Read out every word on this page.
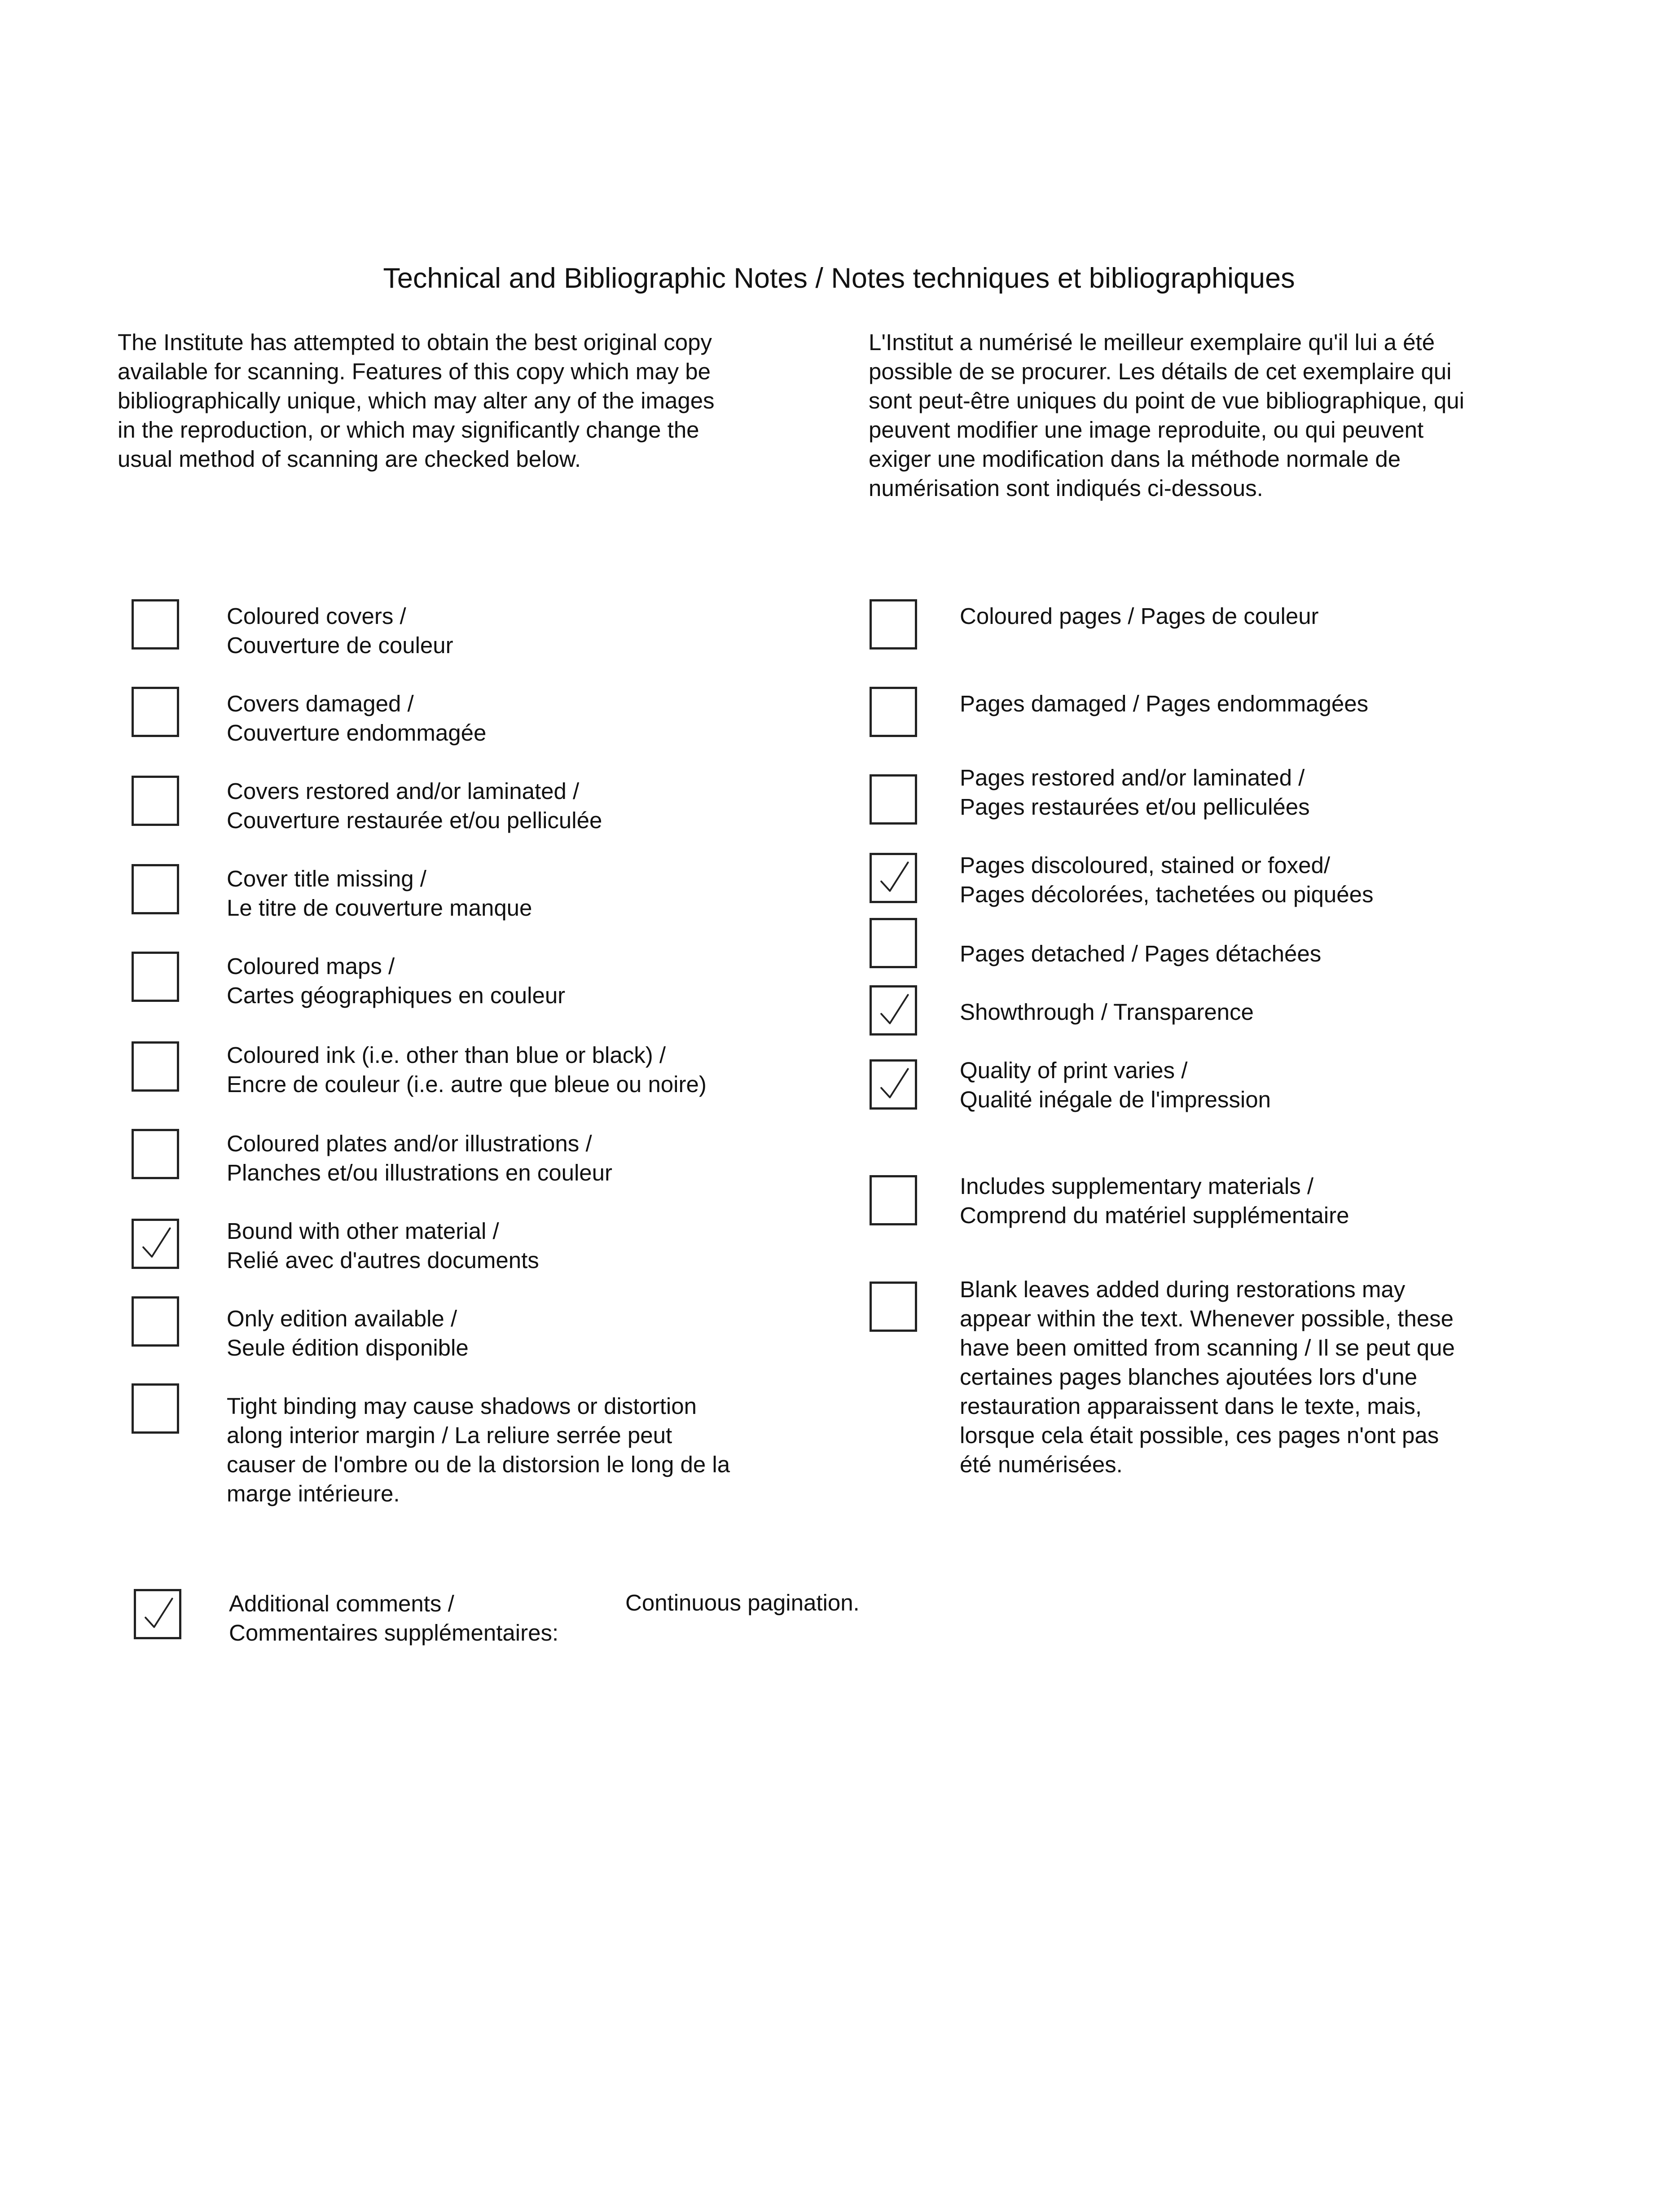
Technical and Bibliographic Notes / Notes techniques et bibliographiques
The Institute has attempted to obtain the best original copy
available for scanning. Features of this copy which may be
bibliographically unique, which may alter any of the images
in the reproduction, or which may significantly change the
usual method of scanning are checked below.
L'Institut a numérisé le meilleur exemplaire qu'il lui a été
possible de se procurer. Les détails de cet exemplaire qui
sont peut-être uniques du point de vue bibliographique, qui
peuvent modifier une image reproduite, ou qui peuvent
exiger une modification dans la méthode normale de
numérisation sont indiqués ci-dessous.
Coloured covers /
Couverture de couleur
Covers damaged /
Couverture endommagée
Covers restored and/or laminated /
Couverture restaurée et/ou pelliculée
Cover title missing /
Le titre de couverture manque
Coloured maps /
Cartes géographiques en couleur
Coloured ink (i.e. other than blue or black) /
Encre de couleur (i.e. autre que bleue ou noire)
Coloured plates and/or illustrations /
Planches et/ou illustrations en couleur
Bound with other material /
Relié avec d'autres documents
Only edition available /
Seule édition disponible
Tight binding may cause shadows or distortion
along interior margin / La reliure serrée peut
causer de l'ombre ou de la distorsion le long de la
marge intérieure.
Coloured pages / Pages de couleur
Pages damaged / Pages endommagées
Pages restored and/or laminated /
Pages restaurées et/ou pelliculées
Pages discoloured, stained or foxed/
Pages décolorées, tachetées ou piquées
Pages detached / Pages détachées
Showthrough / Transparence
Quality of print varies /
Qualité inégale de l'impression
Includes supplementary materials /
Comprend du matériel supplémentaire
Blank leaves added during restorations may
appear within the text. Whenever possible, these
have been omitted from scanning / Il se peut que
certaines pages blanches ajoutées lors d'une
restauration apparaissent dans le texte, mais,
lorsque cela était possible, ces pages n'ont pas
été numérisées.
Additional comments /
Commentaires supplémentaires:
Continuous pagination.
